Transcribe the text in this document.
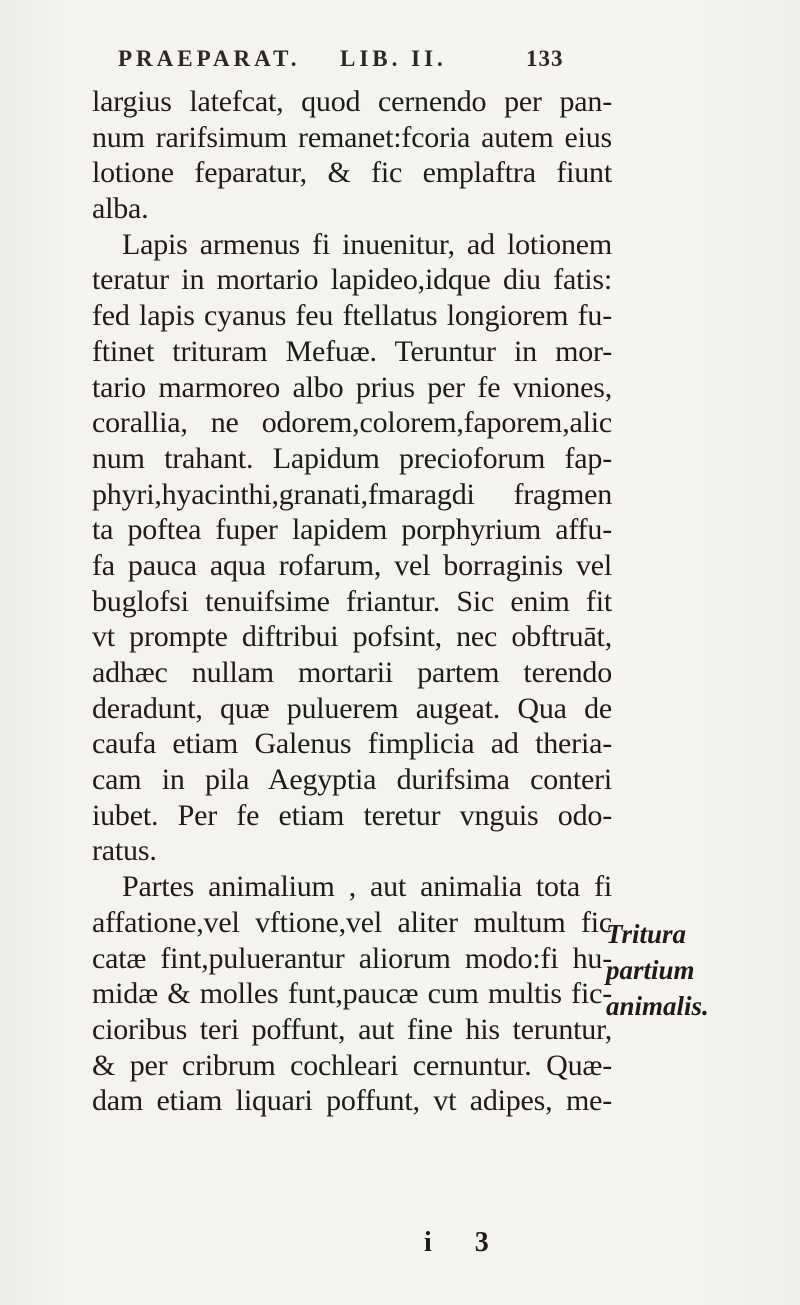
PRAEPARAT. LIB. II.	133
largius latefcat, quod cernendo per pan-
num rarifsimum remanet:fcoria autem eius
lotione feparatur, & fic emplaftra fiunt
alba.
Lapis armenus fi inuenitur, ad lotionem
teratur in mortario lapideo,idque diu fatis:
fed lapis cyanus feu ftellatus longiorem fu-
ftinet trituram Mefuæ. Teruntur in mor-
tario marmoreo albo prius per fe vniones,
corallia, ne odorem,colorem,faporem,alic
num trahant. Lapidum precioforum fap-
phyri,hyacinthi,granati,fmaragdi fragmen
ta poftea fuper lapidem porphyrium affu-
fa pauca aqua rofarum, vel borraginis vel
buglofsi tenuifsime friantur. Sic enim fit
vt prompte diftribui pofsint, nec obftruāt,
adhæc nullam mortarii partem terendo
deradunt, quæ puluerem augeat. Qua de
caufa etiam Galenus fimplicia ad theria-
cam in pila Aegyptia durifsima conteri
iubet. Per fe etiam teretur vnguis odo-
ratus.
Partes animalium , aut animalia tota fi
affatione,vel vftione,vel aliter multum fic
catæ fint,puluerantur aliorum modo:fi hu-
midæ & molles funt,paucæ cum multis fic-
cioribus teri poffunt, aut fine his teruntur,
& per cribrum cochleari cernuntur. Quæ-
dam etiam liquari poffunt, vt adipes, me-
Tritura
partium
animalis.
i 3
